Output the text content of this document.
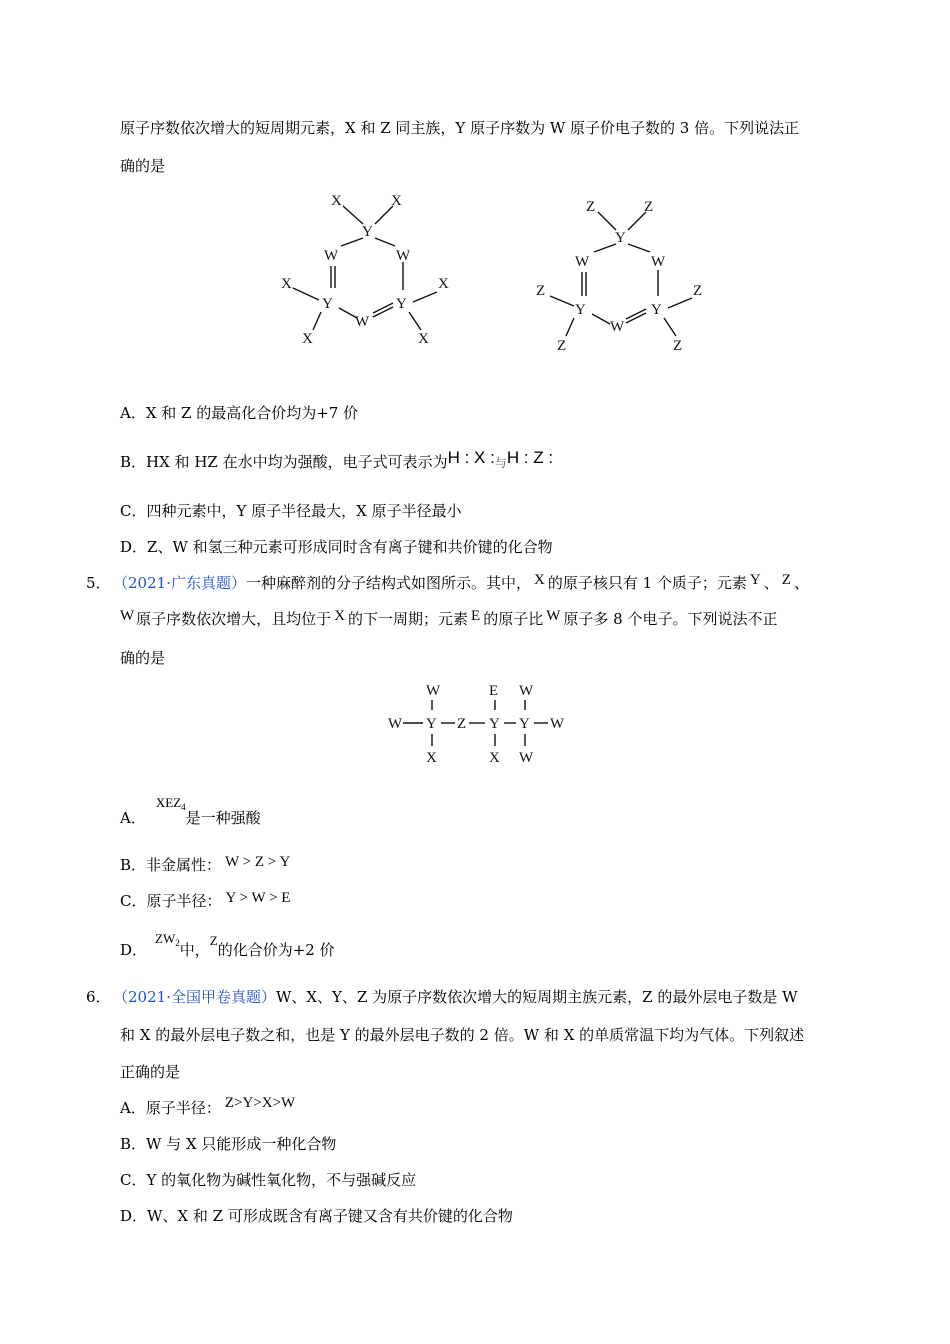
原子序数依次增大的短周期元素，X 和 Z 同主族，Y 原子序数为 W 原子价电子数的 3 倍。下列说法正
确的是
X	X
Y
W	W
X
Y	Y
X
W
X	X
Z	Z
Y
W	W
Z
Y	Y
Z
W
Z	Z
A．X 和 Z 的最高化合价均为+7 价
B．HX 和 HZ 在水中均为强酸，电子式可表示为H : X :与H : Z :
C．四种元素中，Y 原子半径最大，X 原子半径最小
D．Z、W 和氢三种元素可形成同时含有离子键和共价键的化合物
5． （2021·广东真题）一种麻醉剂的分子结构式如图所示。其中， X 的原子核只有 1 个质子；元素 Y 、 Z 、
W 原子序数依次增大，且均位于 X 的下一周期；元素 E 的原子比 W 原子多 8 个电子。下列说法不正
确的是
W	E W
W Y Z Y Y W
X	X W
A．$XEZ_4$是一种强酸
B．非金属性： W > Z > Y
C．原子半径： Y > W > E
D．$ZW_2$中，Z的化合价为+2 价
6． （2021·全国甲卷真题）W、X、Y、Z 为原子序数依次增大的短周期主族元素，Z 的最外层电子数是 W
和 X 的最外层电子数之和，也是 Y 的最外层电子数的 2 倍。W 和 X 的单质常温下均为气体。下列叙述
正确的是
A．原子半径： Z>Y>X>W
B．W 与 X 只能形成一种化合物
C．Y 的氧化物为碱性氧化物，不与强碱反应
D．W、X 和 Z 可形成既含有离子键又含有共价键的化合物
